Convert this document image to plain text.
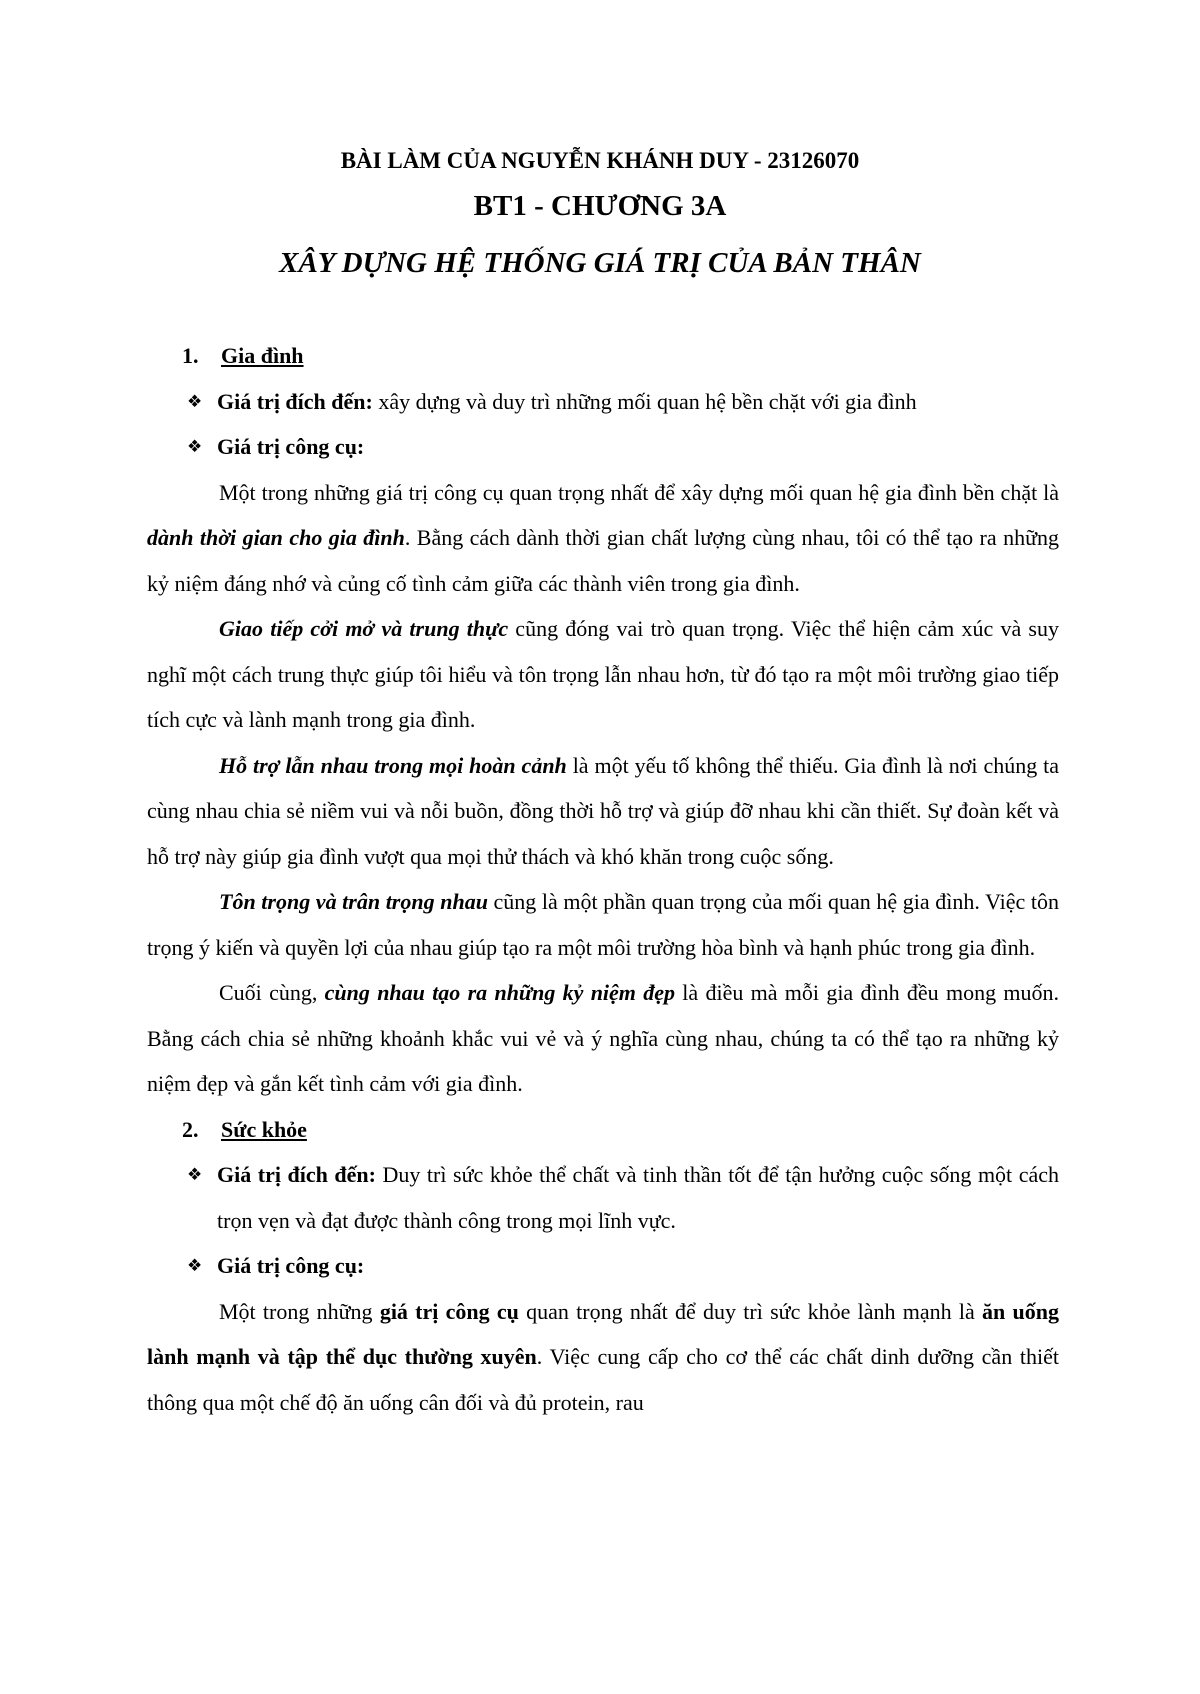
BÀI LÀM CỦA NGUYỄN KHÁNH DUY - 23126070
BT1 - CHƯƠNG 3A
XÂY DỰNG HỆ THỐNG GIÁ TRỊ CỦA BẢN THÂN

1. Gia đình

❖ Giá trị đích đến: xây dựng và duy trì những mối quan hệ bền chặt với gia đình

❖ Giá trị công cụ:

Một trong những giá trị công cụ quan trọng nhất để xây dựng mối quan hệ gia đình bền chặt là dành thời gian cho gia đình. Bằng cách dành thời gian chất lượng cùng nhau, tôi có thể tạo ra những kỷ niệm đáng nhớ và củng cố tình cảm giữa các thành viên trong gia đình.

Giao tiếp cởi mở và trung thực cũng đóng vai trò quan trọng. Việc thể hiện cảm xúc và suy nghĩ một cách trung thực giúp tôi hiểu và tôn trọng lẫn nhau hơn, từ đó tạo ra một môi trường giao tiếp tích cực và lành mạnh trong gia đình.

Hỗ trợ lẫn nhau trong mọi hoàn cảnh là một yếu tố không thể thiếu. Gia đình là nơi chúng ta cùng nhau chia sẻ niềm vui và nỗi buồn, đồng thời hỗ trợ và giúp đỡ nhau khi cần thiết. Sự đoàn kết và hỗ trợ này giúp gia đình vượt qua mọi thử thách và khó khăn trong cuộc sống.

Tôn trọng và trân trọng nhau cũng là một phần quan trọng của mối quan hệ gia đình. Việc tôn trọng ý kiến và quyền lợi của nhau giúp tạo ra một môi trường hòa bình và hạnh phúc trong gia đình.

Cuối cùng, cùng nhau tạo ra những kỷ niệm đẹp là điều mà mỗi gia đình đều mong muốn. Bằng cách chia sẻ những khoảnh khắc vui vẻ và ý nghĩa cùng nhau, chúng ta có thể tạo ra những kỷ niệm đẹp và gắn kết tình cảm với gia đình.

2. Sức khỏe

❖ Giá trị đích đến: Duy trì sức khỏe thể chất và tinh thần tốt để tận hưởng cuộc sống một cách trọn vẹn và đạt được thành công trong mọi lĩnh vực.

❖ Giá trị công cụ:

Một trong những giá trị công cụ quan trọng nhất để duy trì sức khỏe lành mạnh là ăn uống lành mạnh và tập thể dục thường xuyên. Việc cung cấp cho cơ thể các chất dinh dưỡng cần thiết thông qua một chế độ ăn uống cân đối và đủ protein, rau
